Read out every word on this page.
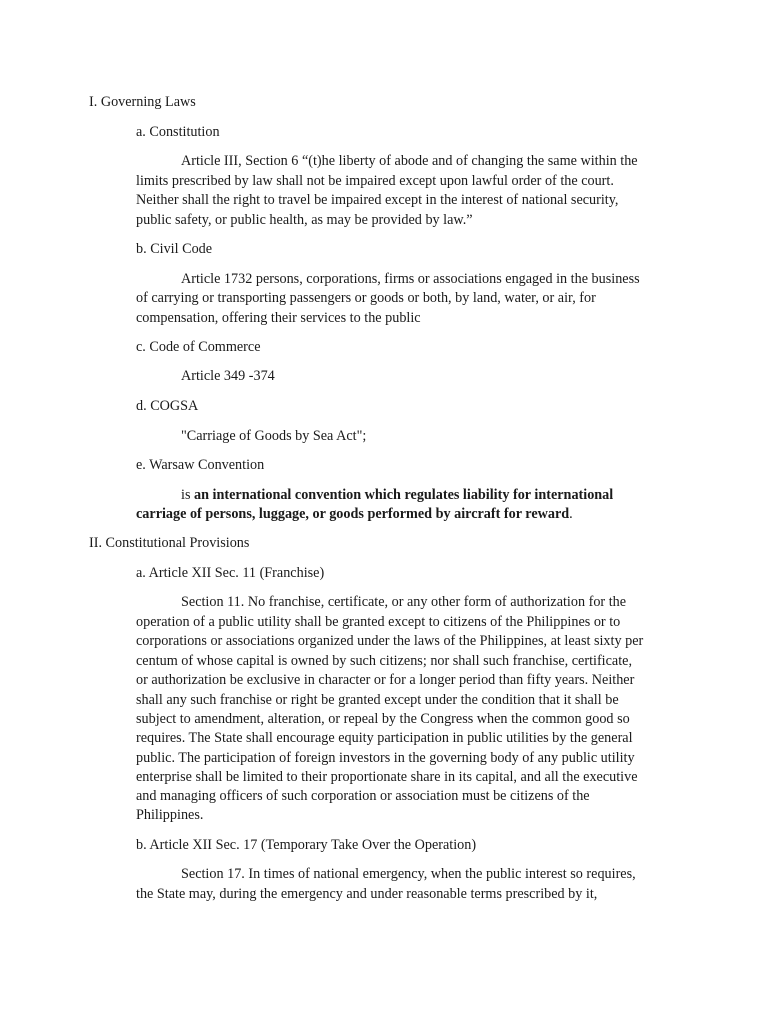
I. Governing Laws

a. Constitution

Article III, Section 6 “(t)he liberty of abode and of changing the same within the

limits prescribed by law shall not be impaired except upon lawful order of the court.

Neither shall the right to travel be impaired except in the interest of national security,

public safety, or public health, as may be provided by law.”

b. Civil Code

Article 1732 persons, corporations, firms or associations engaged in the business

of carrying or transporting passengers or goods or both, by land, water, or air, for

compensation, offering their services to the public

c. Code of Commerce

Article 349 -374

d. COGSA

"Carriage of Goods by Sea Act";

e. Warsaw Convention

is an international convention which regulates liability for international

carriage of persons, luggage, or goods performed by aircraft for reward.

II. Constitutional Provisions

a. Article XII Sec. 11 (Franchise)

Section 11. No franchise, certificate, or any other form of authorization for the

operation of a public utility shall be granted except to citizens of the Philippines or to

corporations or associations organized under the laws of the Philippines, at least sixty per

centum of whose capital is owned by such citizens; nor shall such franchise, certificate,

or authorization be exclusive in character or for a longer period than fifty years. Neither

shall any such franchise or right be granted except under the condition that it shall be

subject to amendment, alteration, or repeal by the Congress when the common good so

requires. The State shall encourage equity participation in public utilities by the general

public. The participation of foreign investors in the governing body of any public utility

enterprise shall be limited to their proportionate share in its capital, and all the executive

and managing officers of such corporation or association must be citizens of the

Philippines.

b. Article XII Sec. 17 (Temporary Take Over the Operation)

Section 17. In times of national emergency, when the public interest so requires,

the State may, during the emergency and under reasonable terms prescribed by it,
